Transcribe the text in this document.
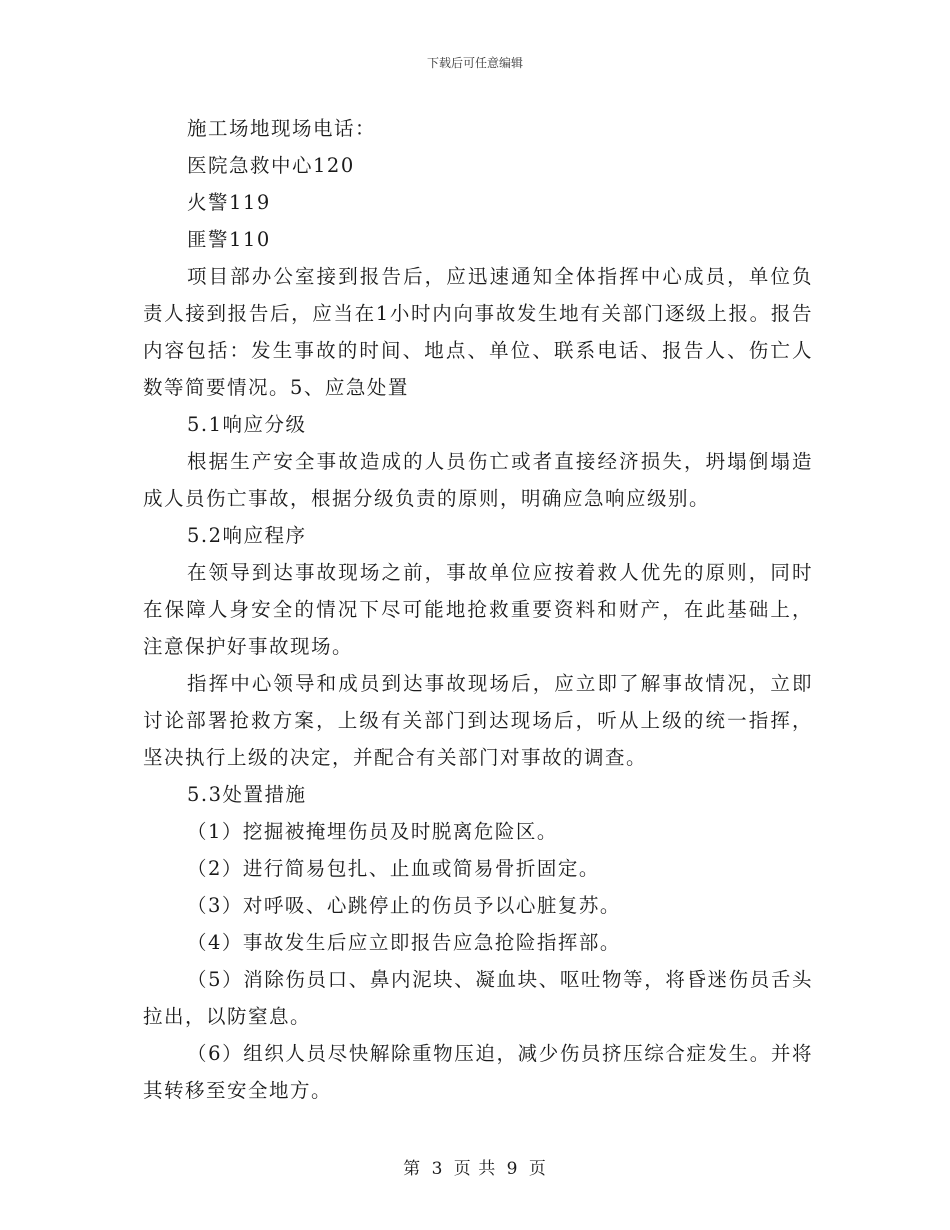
下载后可任意编辑

施工场地现场电话：

医院急救中心120

火警119

匪警110

项目部办公室接到报告后，应迅速通知全体指挥中心成员，单位负责人接到报告后，应当在1小时内向事故发生地有关部门逐级上报。报告内容包括：发生事故的时间、地点、单位、联系电话、报告人、伤亡人数等简要情况。5、应急处置

5.1响应分级

根据生产安全事故造成的人员伤亡或者直接经济损失，坍塌倒塌造成人员伤亡事故，根据分级负责的原则，明确应急响应级别。

5.2响应程序

在领导到达事故现场之前，事故单位应按着救人优先的原则，同时在保障人身安全的情况下尽可能地抢救重要资料和财产，在此基础上，注意保护好事故现场。

指挥中心领导和成员到达事故现场后，应立即了解事故情况，立即讨论部署抢救方案，上级有关部门到达现场后，听从上级的统一指挥，坚决执行上级的决定，并配合有关部门对事故的调查。

5.3处置措施

（1）挖掘被掩埋伤员及时脱离危险区。

（2）进行简易包扎、止血或简易骨折固定。

（3）对呼吸、心跳停止的伤员予以心脏复苏。

（4）事故发生后应立即报告应急抢险指挥部。

（5）消除伤员口、鼻内泥块、凝血块、呕吐物等，将昏迷伤员舌头拉出，以防窒息。

（6）组织人员尽快解除重物压迫，减少伤员挤压综合症发生。并将其转移至安全地方。

第 3 页 共 9 页
